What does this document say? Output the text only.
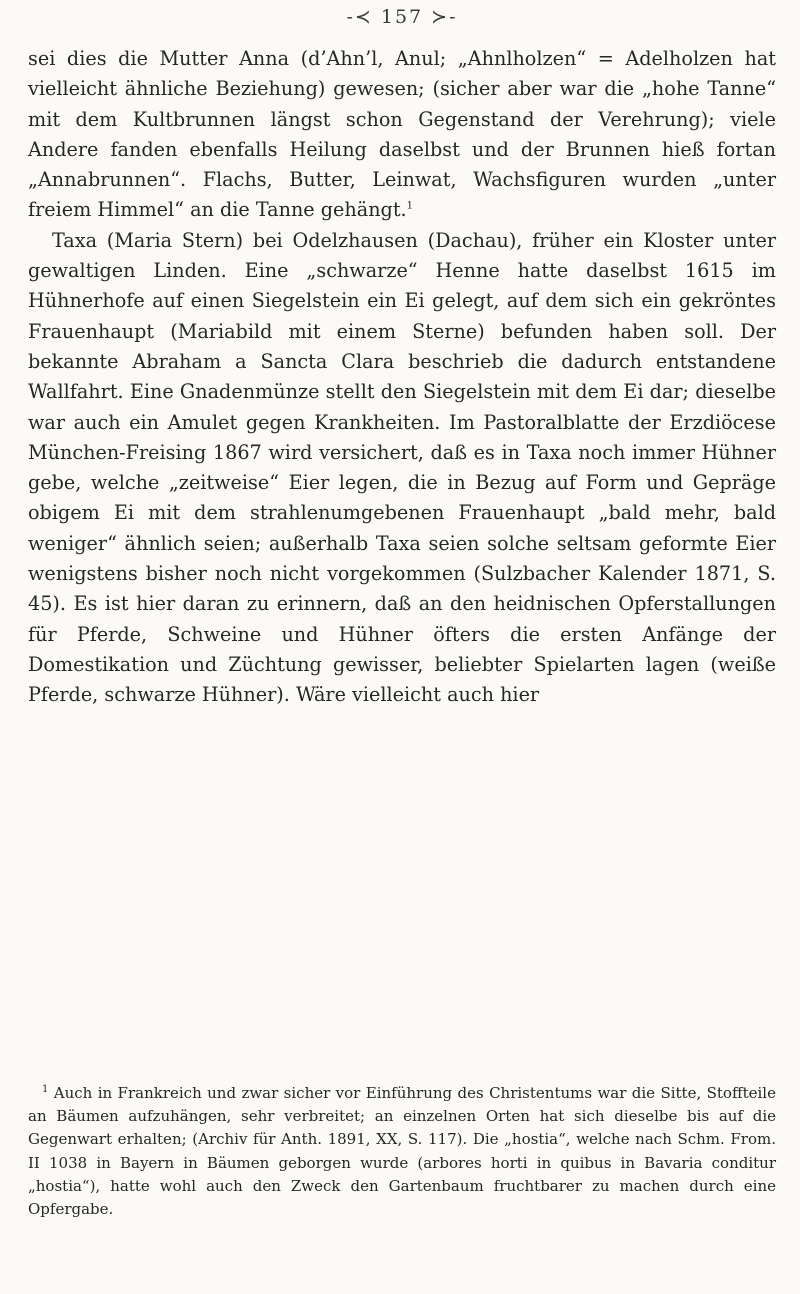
-≺ 157 ≻-

sei dies die Mutter Anna (d’Ahn’l, Anul; „Ahnlholzen“ = Adelholzen hat vielleicht ähnliche Beziehung) gewesen; (sicher aber war die „hohe Tanne“ mit dem Kultbrunnen längst schon Gegenstand der Verehrung); viele Andere fanden ebenfalls Heilung daselbst und der Brunnen hieß fortan „Annabrunnen“. Flachs, Butter, Leinwat, Wachsfiguren wurden „unter freiem Himmel“ an die Tanne gehängt.$^1$

Taxa (Maria Stern) bei Odelzhausen (Dachau), früher ein Kloster unter gewaltigen Linden. Eine „schwarze“ Henne hatte daselbst 1615 im Hühnerhofe auf einen Siegelstein ein Ei gelegt, auf dem sich ein gekröntes Frauenhaupt (Mariabild mit einem Sterne) befunden haben soll. Der bekannte Abraham a Sancta Clara beschrieb die dadurch entstandene Wallfahrt. Eine Gnadenmünze stellt den Siegelstein mit dem Ei dar; dieselbe war auch ein Amulet gegen Krankheiten. Im Pastoralblatte der Erzdiöcese München-Freising 1867 wird versichert, daß es in Taxa noch immer Hühner gebe, welche „zeitweise“ Eier legen, die in Bezug auf Form und Gepräge obigem Ei mit dem strahlenumgebenen Frauenhaupt „bald mehr, bald weniger“ ähnlich seien; außerhalb Taxa seien solche seltsam geformte Eier wenigstens bisher noch nicht vorgekommen (Sulzbacher Kalender 1871, S. 45). Es ist hier daran zu erinnern, daß an den heidnischen Opferstallungen für Pferde, Schweine und Hühner öfters die ersten Anfänge der Domestikation und Züchtung gewisser, beliebter Spielarten lagen (weiße Pferde, schwarze Hühner). Wäre vielleicht auch hier

$^1$ Auch in Frankreich und zwar sicher vor Einführung des Christentums war die Sitte, Stoffteile an Bäumen aufzuhängen, sehr verbreitet; an einzelnen Orten hat sich dieselbe bis auf die Gegenwart erhalten; (Archiv für Anth. 1891, XX, S. 117). Die „hostia“, welche nach Schm. From. II 1038 in Bayern in Bäumen geborgen wurde (arbores horti in quibus in Bavaria conditur „hostia“), hatte wohl auch den Zweck den Gartenbaum fruchtbarer zu machen durch eine Opfergabe.
